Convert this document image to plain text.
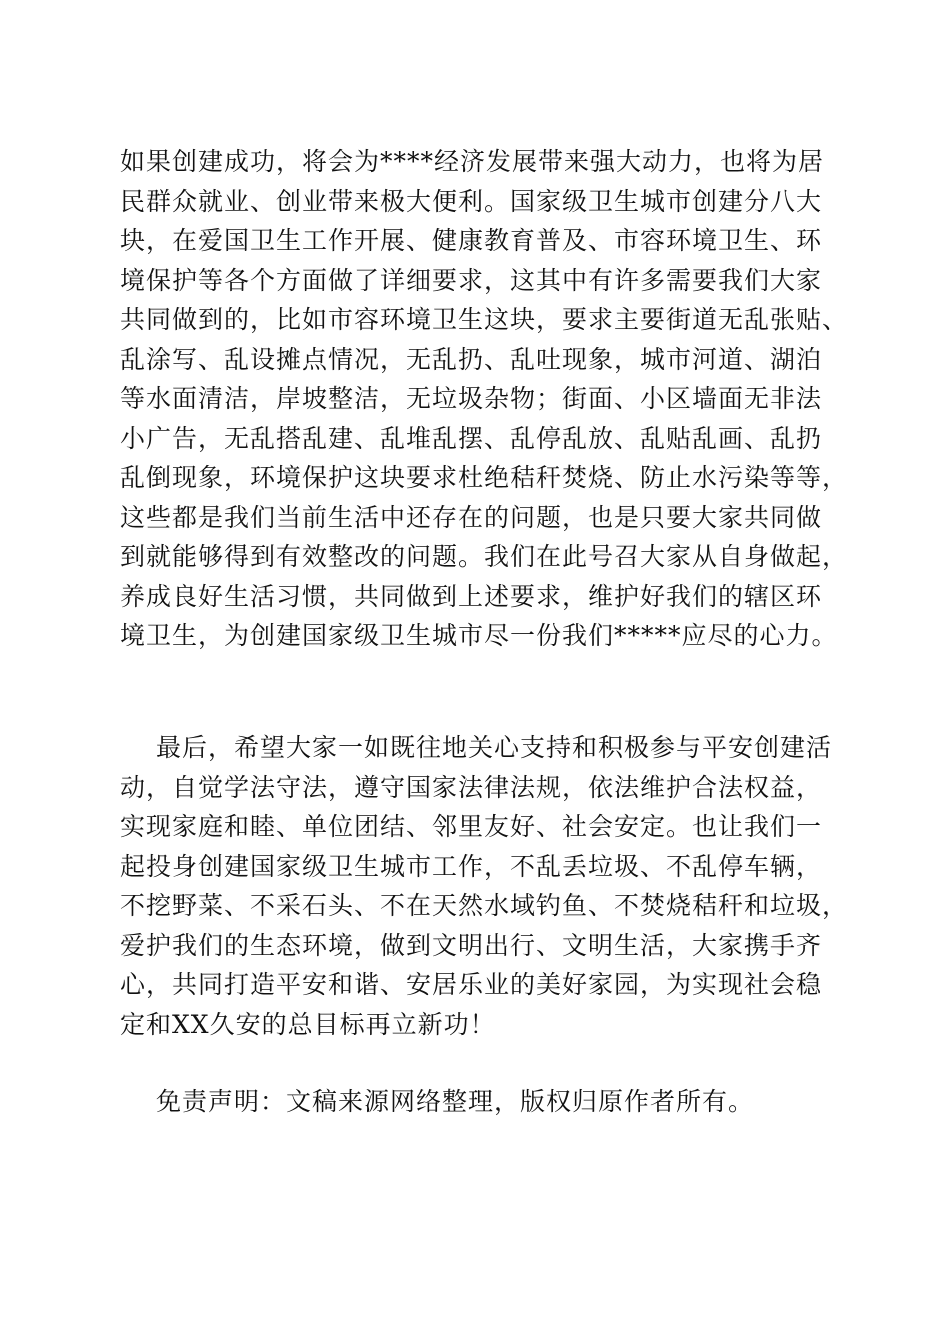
如果创建成功，将会为****经济发展带来强大动力，也将为居
民群众就业、创业带来极大便利。国家级卫生城市创建分八大
块，在爱国卫生工作开展、健康教育普及、市容环境卫生、环
境保护等各个方面做了详细要求，这其中有许多需要我们大家
共同做到的，比如市容环境卫生这块，要求主要街道无乱张贴、
乱涂写、乱设摊点情况，无乱扔、乱吐现象，城市河道、湖泊
等水面清洁，岸坡整洁，无垃圾杂物；街面、小区墙面无非法
小广告，无乱搭乱建、乱堆乱摆、乱停乱放、乱贴乱画、乱扔
乱倒现象，环境保护这块要求杜绝秸秆焚烧、防止水污染等等，
这些都是我们当前生活中还存在的问题，也是只要大家共同做
到就能够得到有效整改的问题。我们在此号召大家从自身做起，
养成良好生活习惯，共同做到上述要求，维护好我们的辖区环
境卫生，为创建国家级卫生城市尽一份我们*****应尽的心力。
最后，希望大家一如既往地关心支持和积极参与平安创建活
动，自觉学法守法，遵守国家法律法规，依法维护合法权益，
实现家庭和睦、单位团结、邻里友好、社会安定。也让我们一
起投身创建国家级卫生城市工作，不乱丢垃圾、不乱停车辆，
不挖野菜、不采石头、不在天然水域钓鱼、不焚烧秸秆和垃圾，
爱护我们的生态环境，做到文明出行、文明生活，大家携手齐
心，共同打造平安和谐、安居乐业的美好家园，为实现社会稳
定和XX久安的总目标再立新功！
免责声明：文稿来源网络整理，版权归原作者所有。
